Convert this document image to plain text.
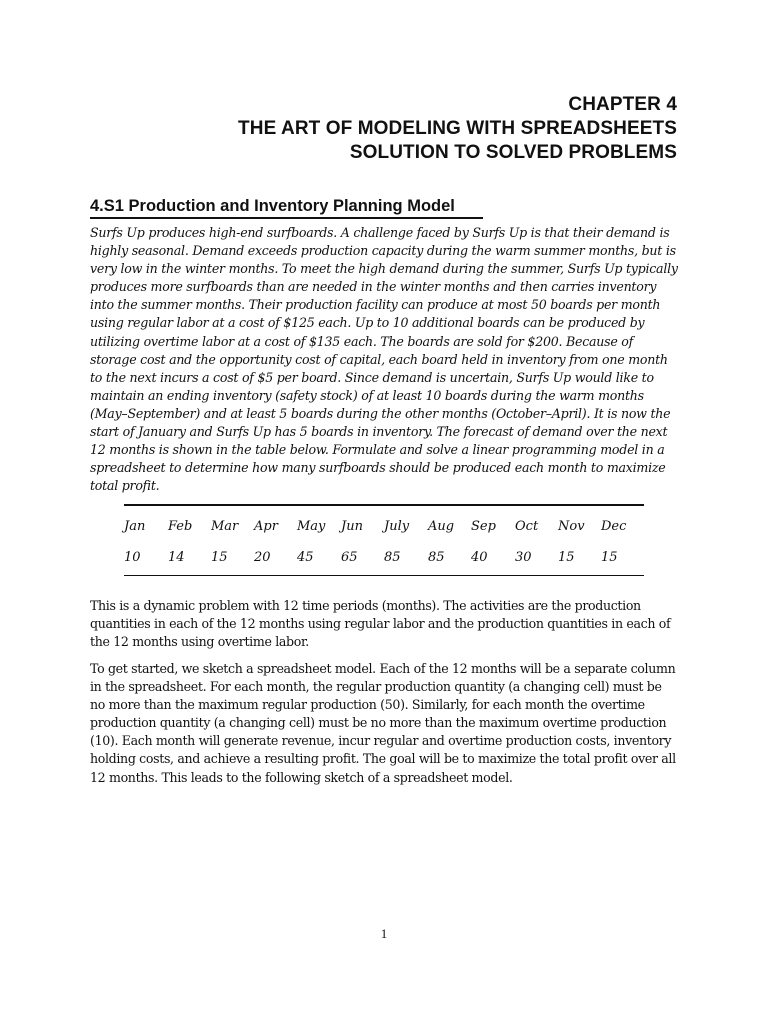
CHAPTER 4
THE ART OF MODELING WITH SPREADSHEETS
SOLUTION TO SOLVED PROBLEMS
4.S1 Production and Inventory Planning Model

Surfs Up produces high-end surfboards. A challenge faced by Surfs Up is that their demand is highly seasonal. Demand exceeds production capacity during the warm summer months, but is very low in the winter months. To meet the high demand during the summer, Surfs Up typically produces more surfboards than are needed in the winter months and then carries inventory into the summer months. Their production facility can produce at most 50 boards per month using regular labor at a cost of $125 each. Up to 10 additional boards can be produced by utilizing overtime labor at a cost of $135 each. The boards are sold for $200. Because of storage cost and the opportunity cost of capital, each board held in inventory from one month to the next incurs a cost of $5 per board. Since demand is uncertain, Surfs Up would like to maintain an ending inventory (safety stock) of at least 10 boards during the warm months (May–September) and at least 5 boards during the other months (October–April). It is now the start of January and Surfs Up has 5 boards in inventory. The forecast of demand over the next 12 months is shown in the table below. Formulate and solve a linear programming model in a spreadsheet to determine how many surfboards should be produced each month to maximize total profit.

Jan	Feb	Mar	Apr	May	Jun	July	Aug	Sep	Oct	Nov	Dec
10	14	15	20	45	65	85	85	40	30	15	15

This is a dynamic problem with 12 time periods (months). The activities are the production quantities in each of the 12 months using regular labor and the production quantities in each of the 12 months using overtime labor.

To get started, we sketch a spreadsheet model. Each of the 12 months will be a separate column in the spreadsheet. For each month, the regular production quantity (a changing cell) must be no more than the maximum regular production (50). Similarly, for each month the overtime production quantity (a changing cell) must be no more than the maximum overtime production (10). Each month will generate revenue, incur regular and overtime production costs, inventory holding costs, and achieve a resulting profit. The goal will be to maximize the total profit over all 12 months. This leads to the following sketch of a spreadsheet model.

1
